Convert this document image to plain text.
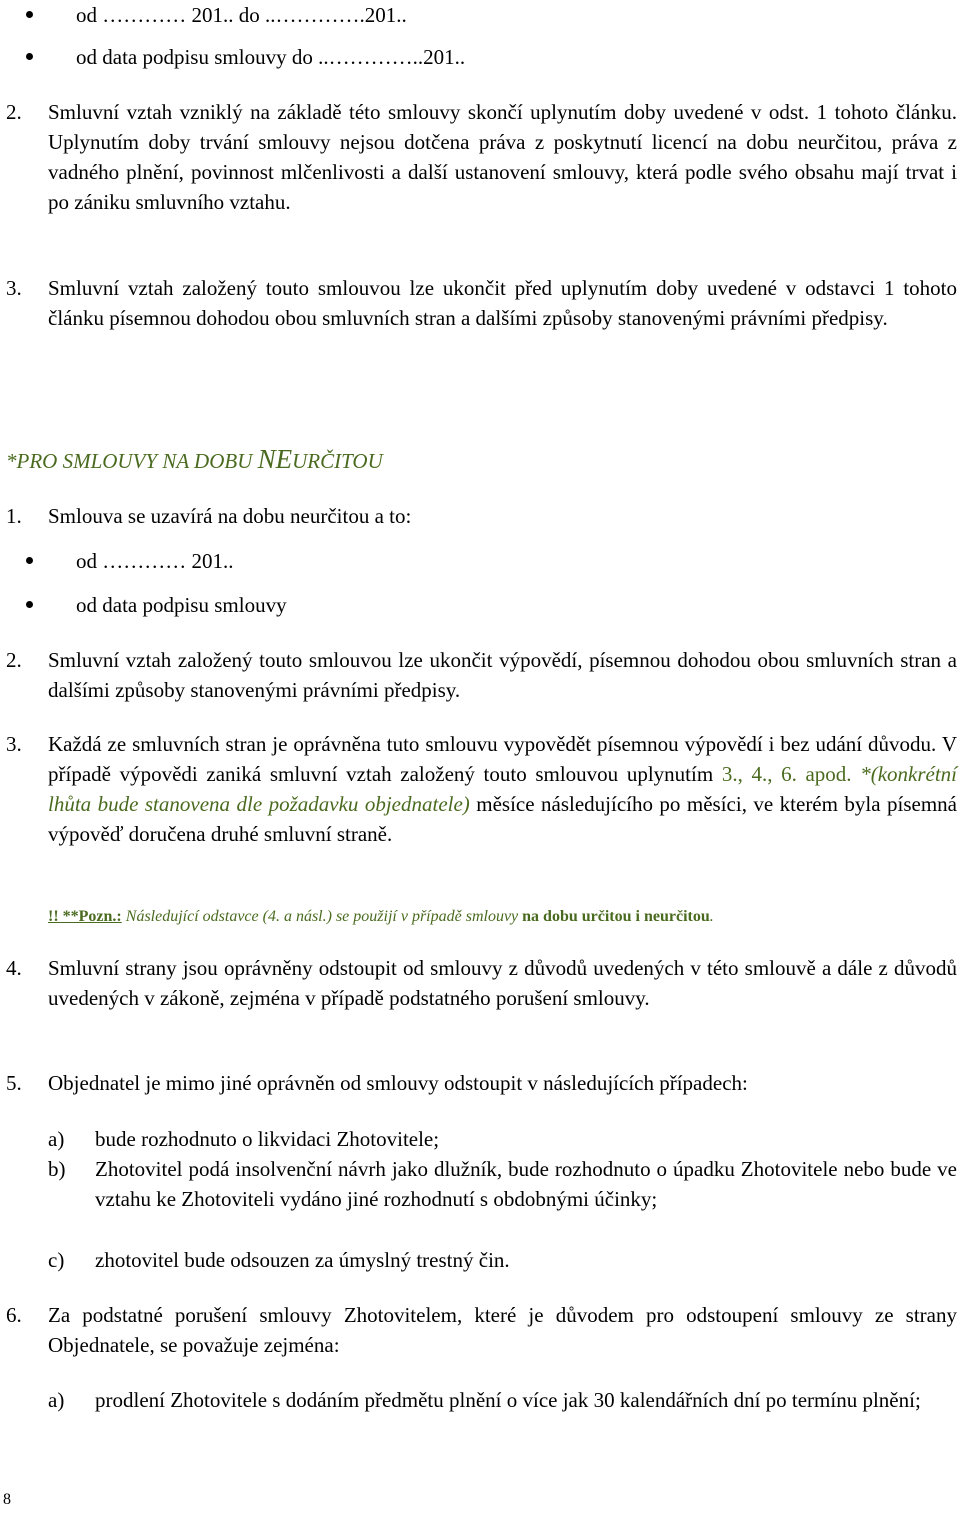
od ………… 201.. do ..………….201..
od data podpisu smlouvy do ..…………..201..
2. Smluvní vztah vzniklý na základě této smlouvy skončí uplynutím doby uvedené v odst. 1 tohoto článku. Uplynutím doby trvání smlouvy nejsou dotčena práva z poskytnutí licencí na dobu neurčitou, práva z vadného plnění, povinnost mlčenlivosti a další ustanovení smlouvy, která podle svého obsahu mají trvat i po zániku smluvního vztahu.

3. Smluvní vztah založený touto smlouvou lze ukončit před uplynutím doby uvedené v odstavci 1 tohoto článku písemnou dohodou obou smluvních stran a dalšími způsoby stanovenými právními předpisy.

*PRO SMLOUVY NA DOBU NEURČITOU
1. Smlouva se uzavírá na dobu neurčitou a to:

od ………… 201..
od data podpisu smlouvy
2. Smluvní vztah založený touto smlouvou lze ukončit výpovědí, písemnou dohodou obou smluvních stran a dalšími způsoby stanovenými právními předpisy.

3. Každá ze smluvních stran je oprávněna tuto smlouvu vypovědět písemnou výpovědí i bez udání důvodu. V případě výpovědi zaniká smluvní vztah založený touto smlouvou uplynutím 3., 4., 6. apod. *(konkrétní lhůta bude stanovena dle požadavku objednatele) měsíce následujícího po měsíci, ve kterém byla písemná výpověď doručena druhé smluvní straně.

!! **Pozn.: Následující odstavce (4. a násl.) se použijí v případě smlouvy na dobu určitou i neurčitou.
4. Smluvní strany jsou oprávněny odstoupit od smlouvy z důvodů uvedených v této smlouvě a dále z důvodů uvedených v zákoně, zejména v případě podstatného porušení smlouvy.

5. Objednatel je mimo jiné oprávněn od smlouvy odstoupit v následujících případech:

a) bude rozhodnuto o likvidaci Zhotovitele;
b) Zhotovitel podá insolvenční návrh jako dlužník, bude rozhodnuto o úpadku Zhotovitele nebo bude ve vztahu ke Zhotoviteli vydáno jiné rozhodnutí s obdobnými účinky;
c) zhotovitel bude odsouzen za úmyslný trestný čin.
6. Za podstatné porušení smlouvy Zhotovitelem, které je důvodem pro odstoupení smlouvy ze strany Objednatele, se považuje zejména:

a) prodlení Zhotovitele s dodáním předmětu plnění o více jak 30 kalendářních dní po termínu plnění;
8
